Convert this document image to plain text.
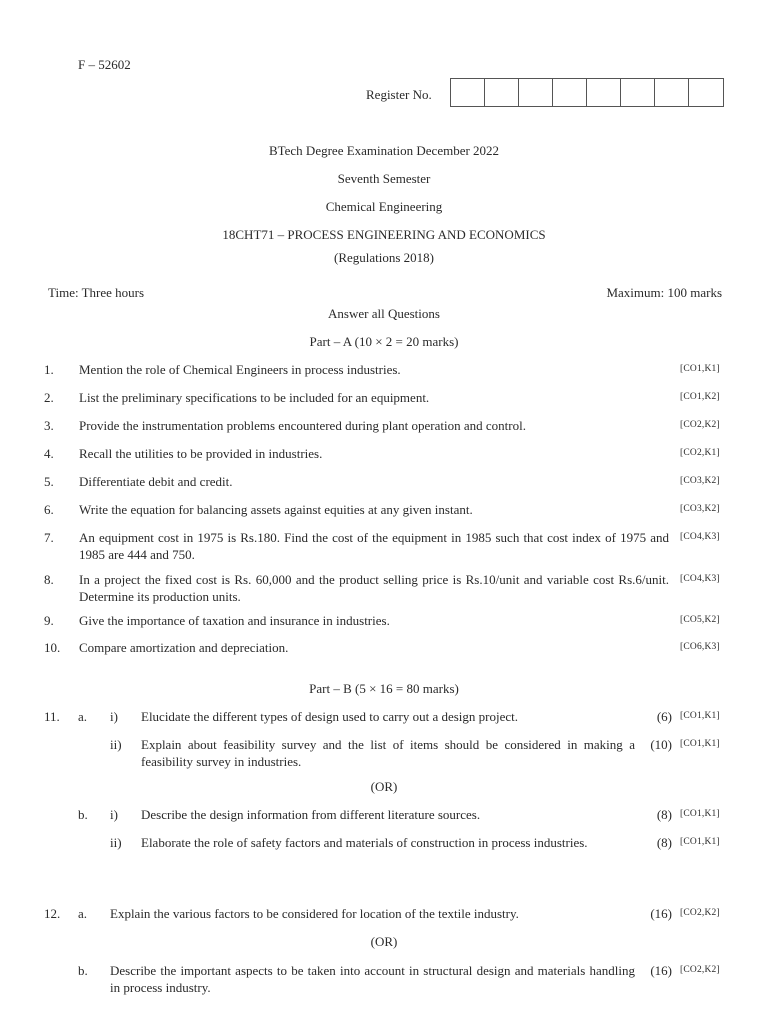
F – 52602
Register No.
BTech Degree Examination December 2022
Seventh Semester
Chemical Engineering
18CHT71 – PROCESS ENGINEERING AND ECONOMICS
(Regulations 2018)
Time: Three hours	Maximum: 100 marks
Answer all Questions
Part – A (10 × 2 = 20 marks)
1. Mention the role of Chemical Engineers in process industries.	[CO1,K1]
2. List the preliminary specifications to be included for an equipment.	[CO1,K2]
3. Provide the instrumentation problems encountered during plant operation and control.	[CO2,K2]
4. Recall the utilities to be provided in industries.	[CO2,K1]
5. Differentiate debit and credit.	[CO3,K2]
6. Write the equation for balancing assets against equities at any given instant.	[CO3,K2]
7. An equipment cost in 1975 is Rs.180. Find the cost of the equipment in 1985 such that cost index of 1975 and 1985 are 444 and 750.
[CO4,K3]
8. In a project the fixed cost is Rs. 60,000 and the product selling price is Rs.10/unit and variable cost Rs.6/unit. Determine its production units.
[CO4,K3]
9. Give the importance of taxation and insurance in industries.	[CO5,K2]
10. Compare amortization and depreciation.	[CO6,K3]
Part – B (5 × 16 = 80 marks)
11. a. i) Elucidate the different types of design used to carry out a design project.	(6) [CO1,K1]
ii) Explain about feasibility survey and the list of items should be considered in making a feasibility survey in industries.
(10) [CO1,K1]
(OR)
b. i) Describe the design information from different literature sources.	(8) [CO1,K1]
ii) Elaborate the role of safety factors and materials of construction in process industries.	(8) [CO1,K1]
12. a. Explain the various factors to be considered for location of the textile industry.	(16) [CO2,K2]
(OR)
b. Describe the important aspects to be taken into account in structural design and materials handling in process industry.
(16) [CO2,K2]
